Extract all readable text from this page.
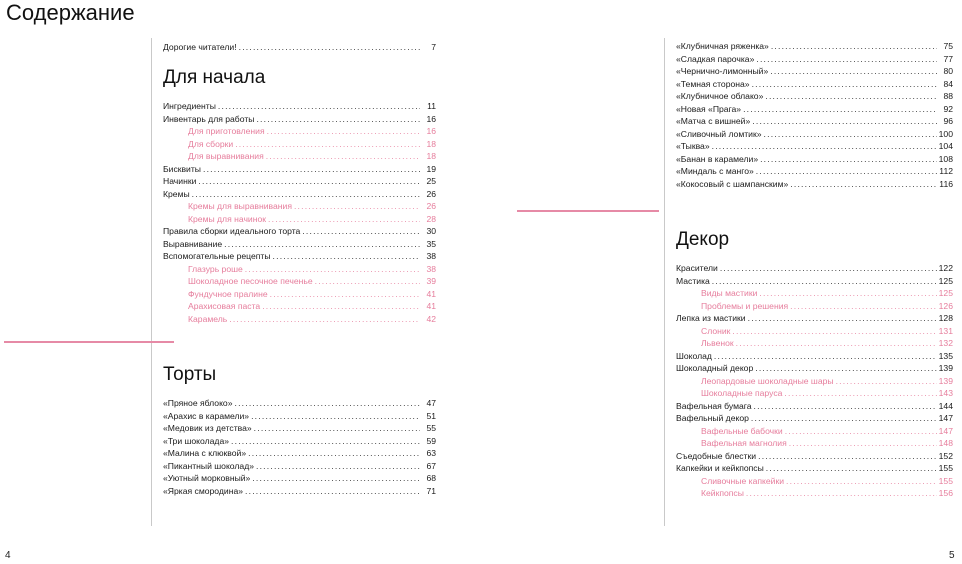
Содержание
Дорогие читатели! .....	7
Для начала
Ингредиенты .....	11
Инвентарь для работы .....	16
Для приготовления .....	16
Для сборки .....	18
Для выравнивания .....	18
Бисквиты .....	19
Начинки .....	25
Кремы .....	26
Кремы для выравнивания .....	26
Кремы для начинок .....	28
Правила сборки идеального торта .....	30
Выравнивание .....	35
Вспомогательные рецепты .....	38
Глазурь роше .....	38
Шоколадное песочное печенье .....	39
Фундучное пралине .....	41
Арахисовая паста .....	41
Карамель .....	42
Торты
«Пряное яблоко» .....	47
«Арахис в карамели» .....	51
«Медовик из детства» .....	55
«Три шоколада» .....	59
«Малина с клюквой» .....	63
«Пикантный шоколад» .....	67
«Уютный морковный» .....	68
«Яркая смородина» .....	71
«Клубничная ряженка» .....	75
«Сладкая парочка» .....	77
«Чернично-лимонный» .....	80
«Темная сторона» .....	84
«Клубничное облако» .....	88
«Новая «Прага» .....	92
«Матча с вишней» .....	96
«Сливочный ломтик» .....	100
«Тыква» .....	104
«Банан в карамели» .....	108
«Миндаль с манго» .....	112
«Кокосовый с шампанским» .....	116
Декор
Красители .....	122
Мастика .....	125
Виды мастики .....	125
Проблемы и решения .....	126
Лепка из мастики .....	128
Слоник .....	131
Львенок .....	132
Шоколад .....	135
Шоколадный декор .....	139
Леопардовые шоколадные шары .....	139
Шоколадные паруса .....	143
Вафельная бумага .....	144
Вафельный декор .....	147
Вафельные бабочки .....	147
Вафельная магнолия .....	148
Съедобные блестки .....	152
Капкейки и кейкпопсы .....	155
Сливочные капкейки .....	155
Кейкпопсы .....	156
4	5
